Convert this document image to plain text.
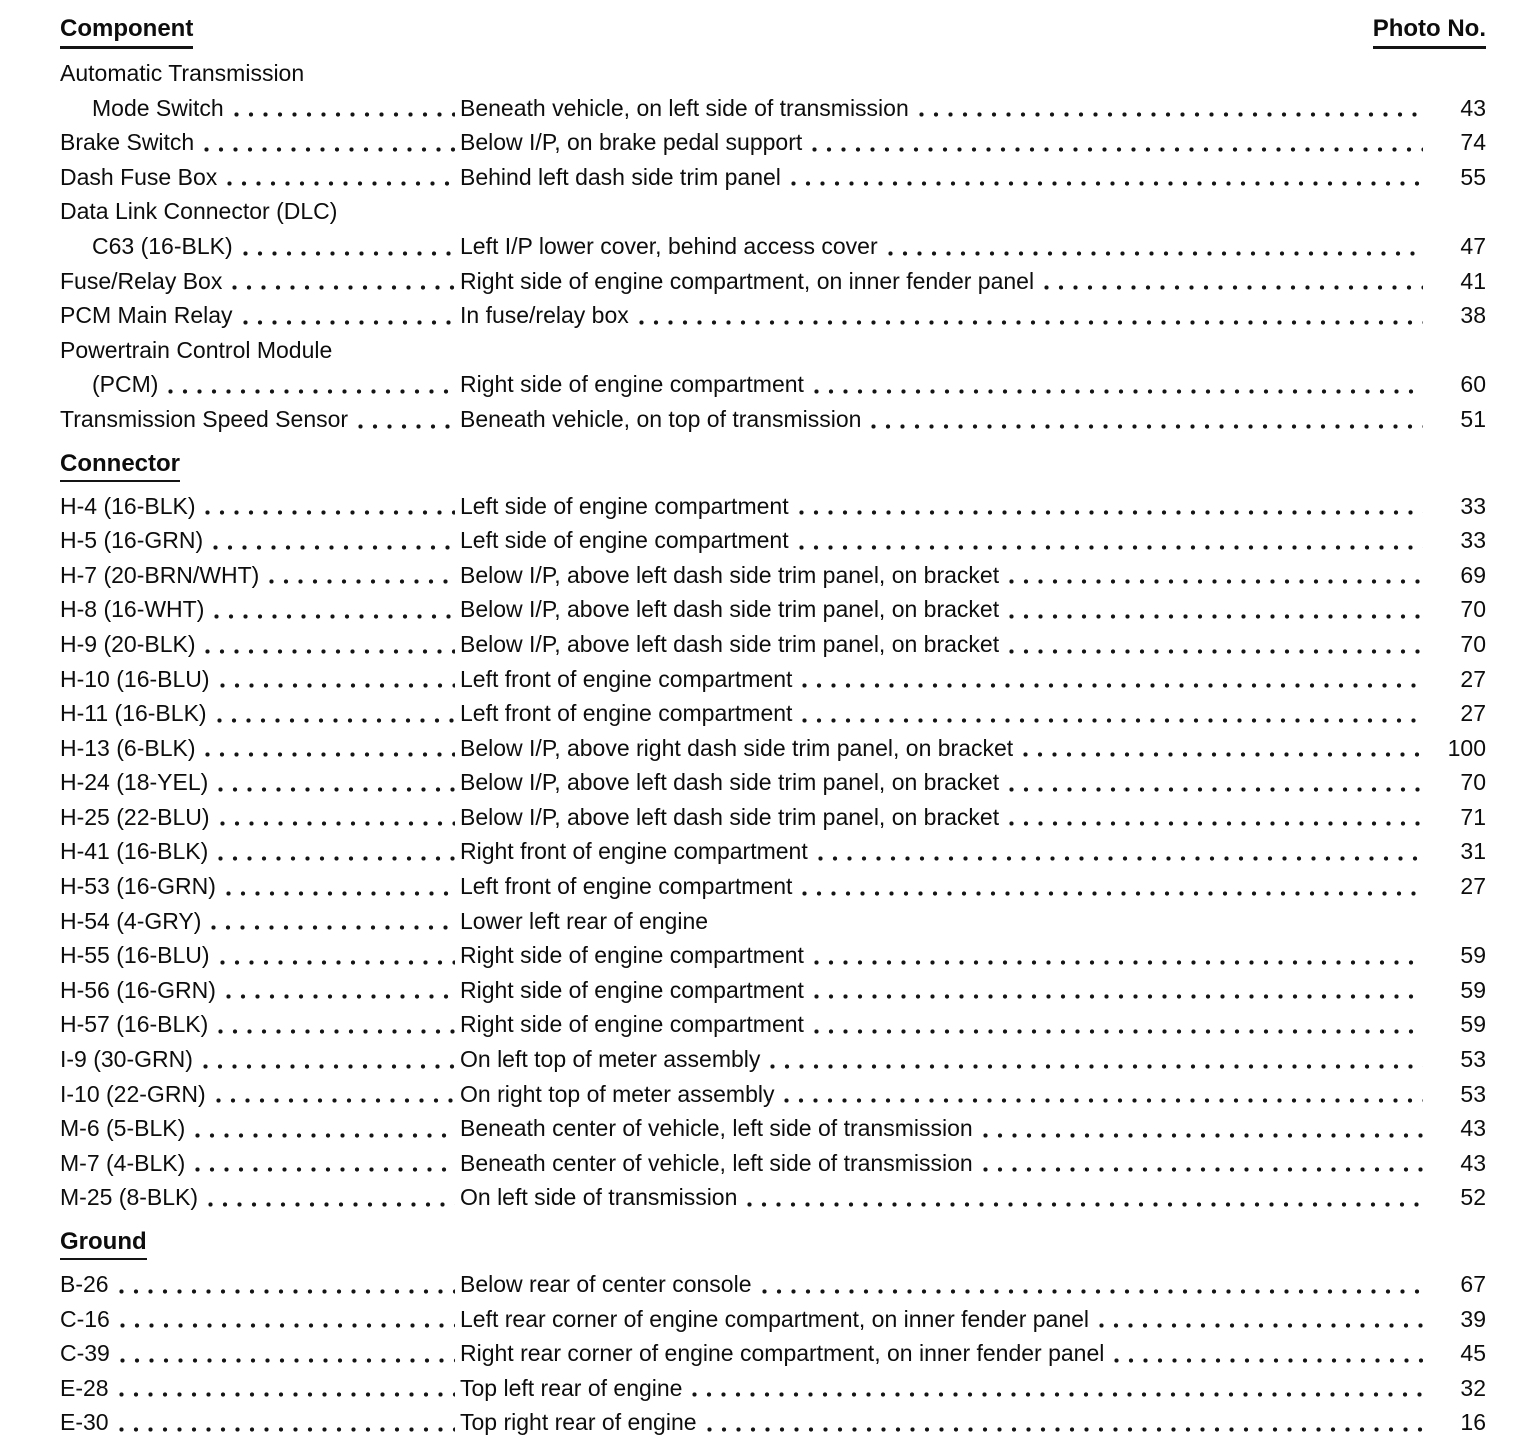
Component	Photo No.
Automatic Transmission
Mode Switch	Beneath vehicle, on left side of transmission	43
Brake Switch	Below I/P, on brake pedal support	74
Dash Fuse Box	Behind left dash side trim panel	55
Data Link Connector (DLC)
C63 (16-BLK)	Left I/P lower cover, behind access cover	47
Fuse/Relay Box	Right side of engine compartment, on inner fender panel	41
PCM Main Relay	In fuse/relay box	38
Powertrain Control Module
(PCM)	Right side of engine compartment	60
Transmission Speed Sensor	Beneath vehicle, on top of transmission	51
Connector
H-4 (16-BLK)	Left side of engine compartment	33
H-5 (16-GRN)	Left side of engine compartment	33
H-7 (20-BRN/WHT)	Below I/P, above left dash side trim panel, on bracket	69
H-8 (16-WHT)	Below I/P, above left dash side trim panel, on bracket	70
H-9 (20-BLK)	Below I/P, above left dash side trim panel, on bracket	70
H-10 (16-BLU)	Left front of engine compartment	27
H-11 (16-BLK)	Left front of engine compartment	27
H-13 (6-BLK)	Below I/P, above right dash side trim panel, on bracket	100
H-24 (18-YEL)	Below I/P, above left dash side trim panel, on bracket	70
H-25 (22-BLU)	Below I/P, above left dash side trim panel, on bracket	71
H-41 (16-BLK)	Right front of engine compartment	31
H-53 (16-GRN)	Left front of engine compartment	27
H-54 (4-GRY)	Lower left rear of engine
H-55 (16-BLU)	Right side of engine compartment	59
H-56 (16-GRN)	Right side of engine compartment	59
H-57 (16-BLK)	Right side of engine compartment	59
I-9 (30-GRN)	On left top of meter assembly	53
I-10 (22-GRN)	On right top of meter assembly	53
M-6 (5-BLK)	Beneath center of vehicle, left side of transmission	43
M-7 (4-BLK)	Beneath center of vehicle, left side of transmission	43
M-25 (8-BLK)	On left side of transmission	52
Ground
B-26	Below rear of center console	67
C-16	Left rear corner of engine compartment, on inner fender panel	39
C-39	Right rear corner of engine compartment, on inner fender panel	45
E-28	Top left rear of engine	32
E-30	Top right rear of engine	16
